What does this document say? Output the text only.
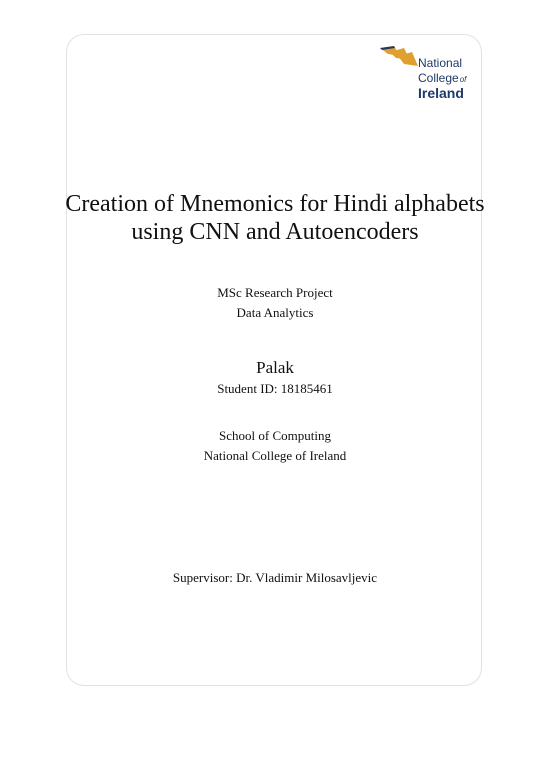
National
Collegeof
Ireland
Creation of Mnemonics for Hindi alphabets
using CNN and Autoencoders
MSc Research Project
Data Analytics
Palak
Student ID: 18185461
School of Computing
National College of Ireland
Supervisor: Dr. Vladimir Milosavljevic
